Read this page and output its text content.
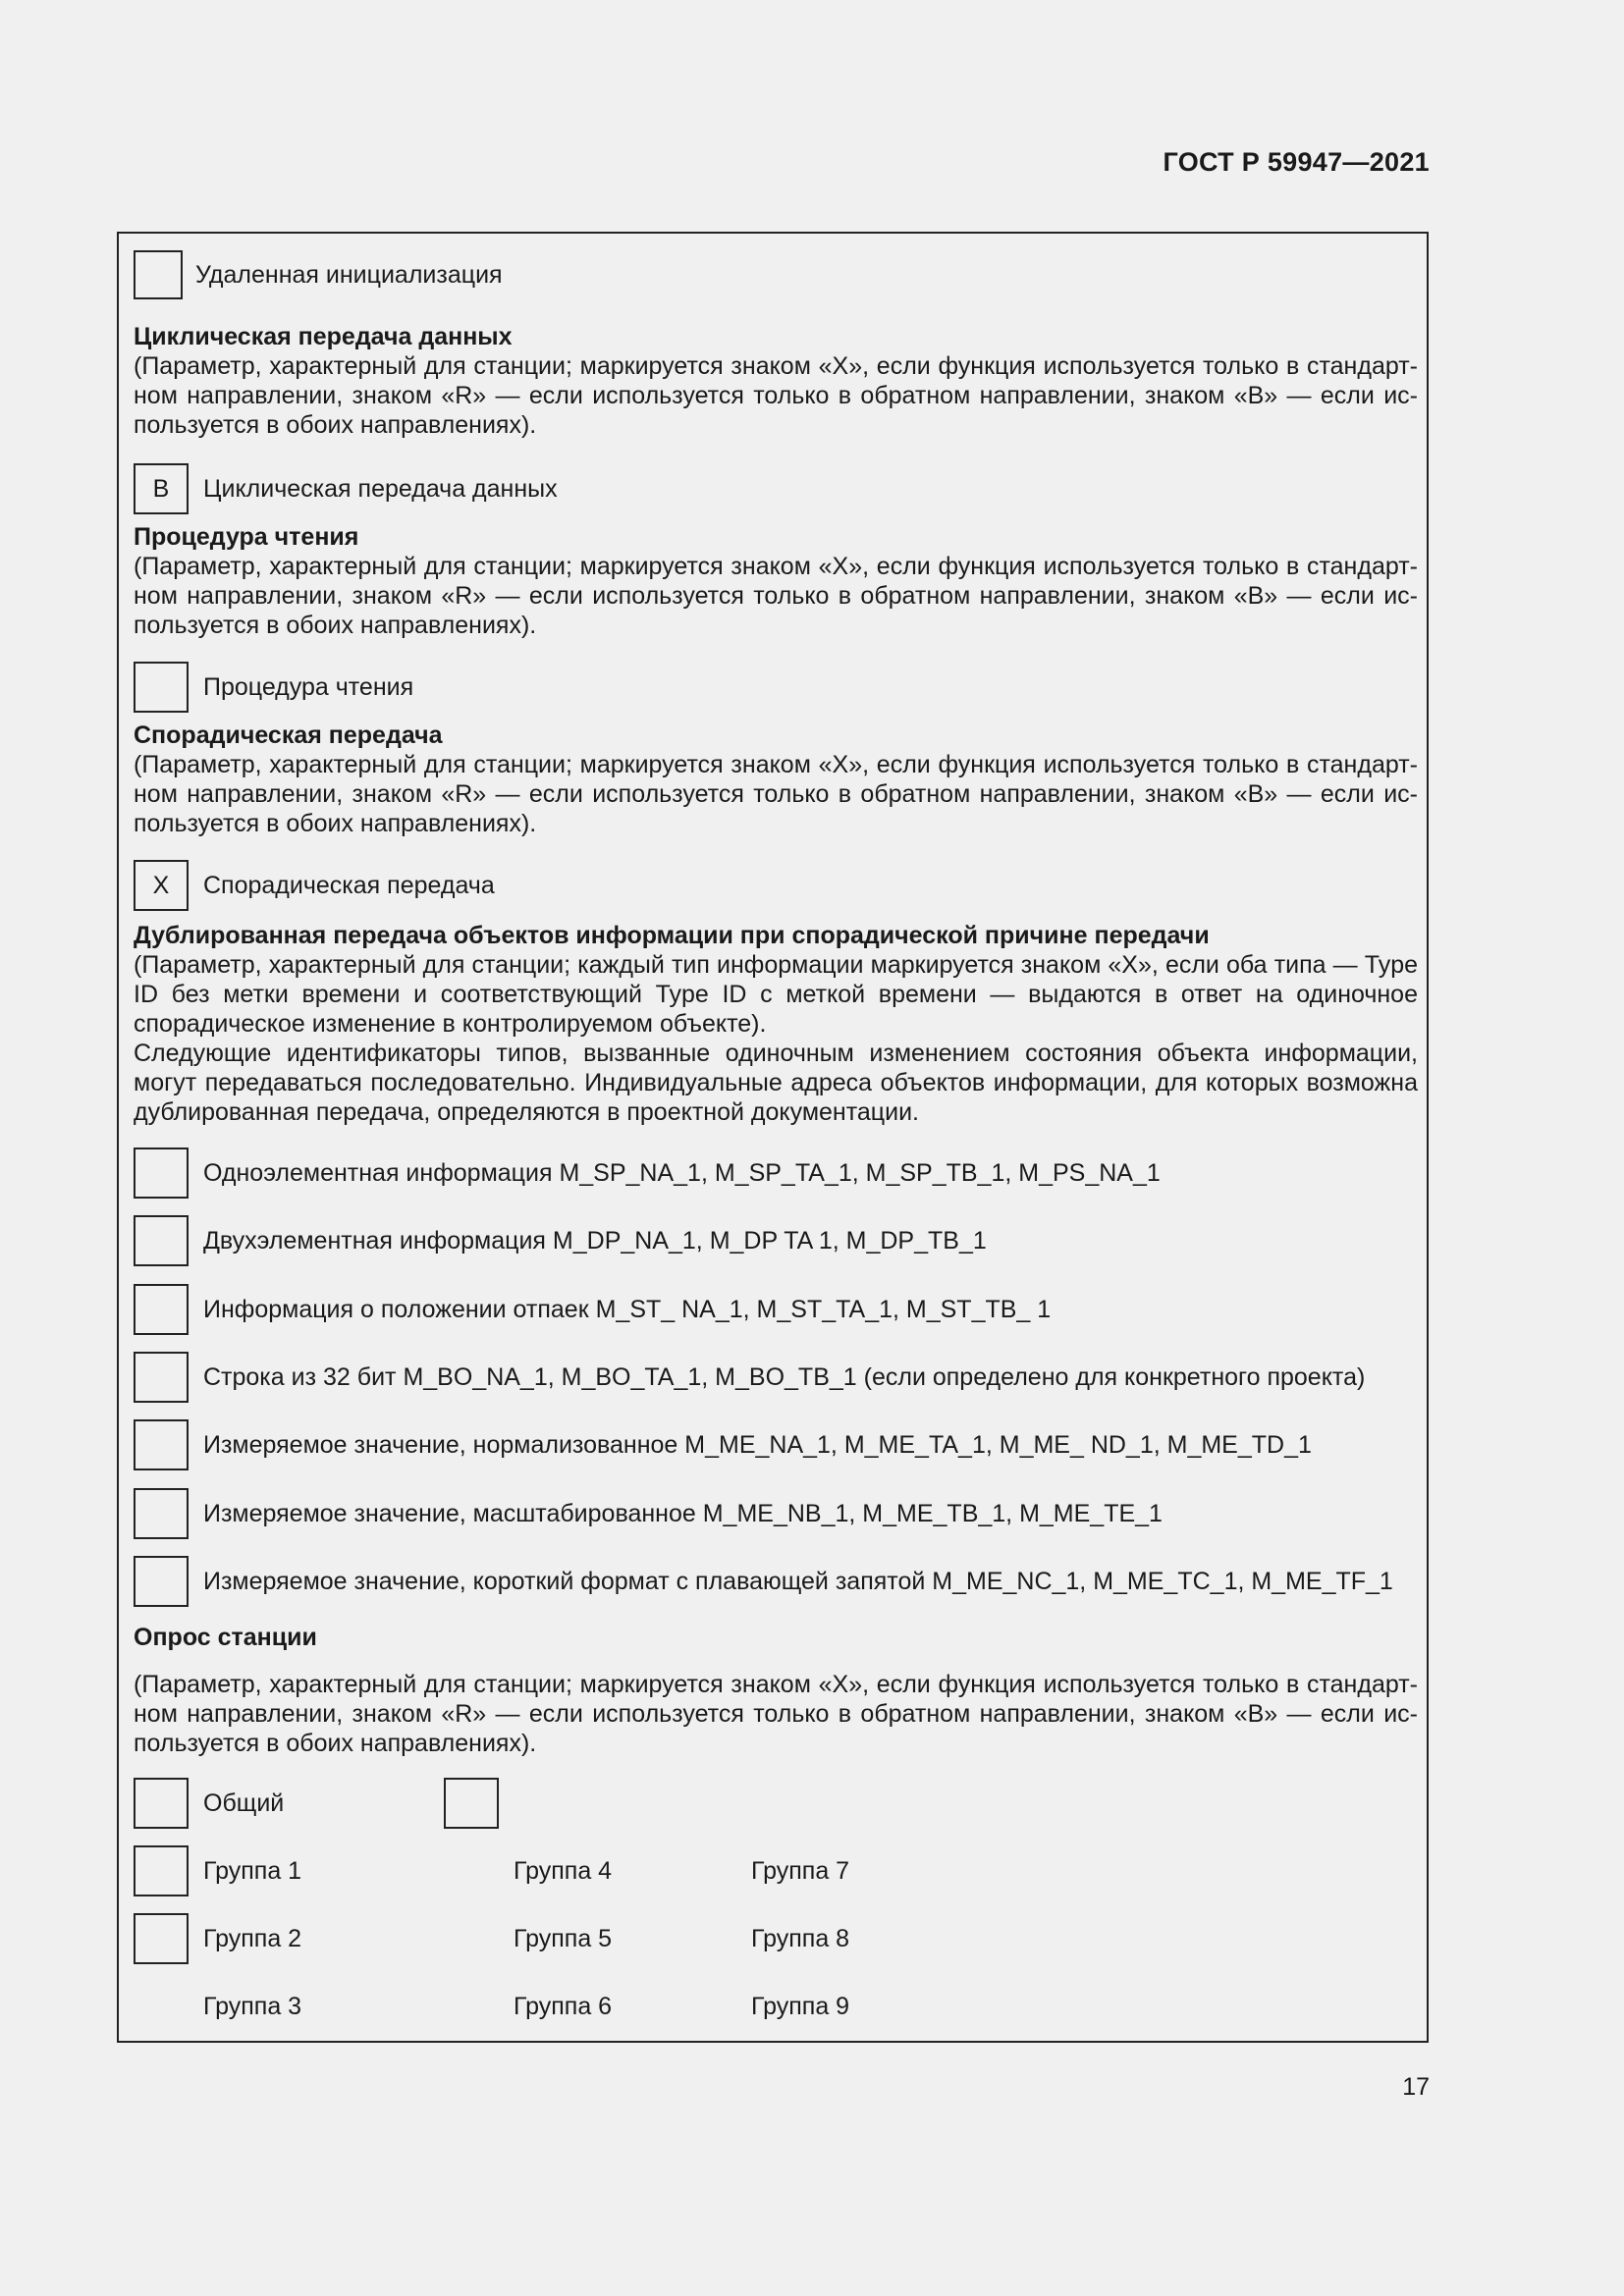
ГОСТ Р 59947—2021
Удаленная инициализация
Циклическая передача данных
(Параметр, характерный для станции; маркируется знаком «X», если функция используется только в стандартном направлении, знаком «R» — если используется только в обратном направлении, знаком «B» — если используется в обоих направлениях).
B	Циклическая передача данных
Процедура чтения
(Параметр, характерный для станции; маркируется знаком «X», если функция используется только в стандартном направлении, знаком «R» — если используется только в обратном направлении, знаком «B» — если используется в обоих направлениях).
Процедура чтения
Спорадическая передача
(Параметр, характерный для станции; маркируется знаком «X», если функция используется только в стандартном направлении, знаком «R» — если используется только в обратном направлении, знаком «B» — если используется в обоих направлениях).
X	Спорадическая передача
Дублированная передача объектов информации при спорадической причине передачи
(Параметр, характерный для станции; каждый тип информации маркируется знаком «X», если оба типа — Type ID без метки времени и соответствующий Type ID с меткой времени — выдаются в ответ на одиночное спорадическое изменение в контролируемом объекте).
Следующие идентификаторы типов, вызванные одиночным изменением состояния объекта информации, могут передаваться последовательно. Индивидуальные адреса объектов информации, для которых возможна дублированная передача, определяются в проектной документации.
Одноэлементная информация M_SP_NA_1, M_SP_TA_1, M_SP_TB_1, M_PS_NA_1
Двухэлементная информация M_DP_NA_1, M_DP TA 1, M_DP_TB_1
Информация о положении отпаек M_ST_ NA_1, M_ST_TA_1, M_ST_TB_ 1
Строка из 32 бит M_BO_NA_1, M_BO_TA_1, M_BO_TB_1 (если определено для конкретного проекта)
Измеряемое значение, нормализованное M_ME_NA_1, M_ME_TA_1, M_ME_ ND_1, M_ME_TD_1
Измеряемое значение, масштабированное M_ME_NB_1, M_ME_TB_1, M_ME_TE_1
Измеряемое значение, короткий формат с плавающей запятой M_ME_NC_1, M_ME_TC_1, M_ME_TF_1
Опрос станции
(Параметр, характерный для станции; маркируется знаком «X», если функция используется только в стандартном направлении, знаком «R» — если используется только в обратном направлении, знаком «B» — если используется в обоих направлениях).
Общий
Группа 1	Группа 4	Группа 7
Группа 2	Группа 5	Группа 8
Группа 3	Группа 6	Группа 9
17
